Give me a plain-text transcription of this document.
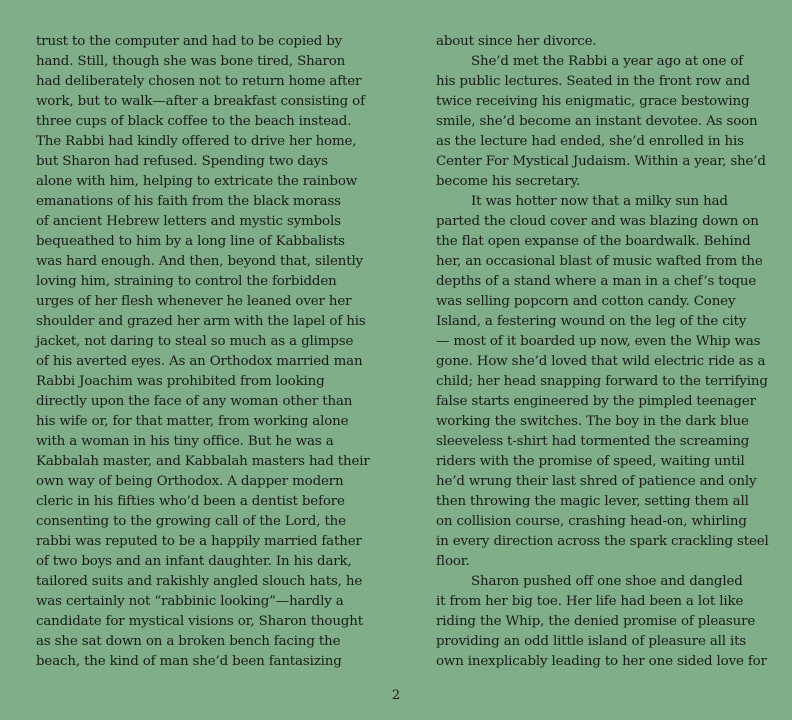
trust to the computer and had to be copied by
hand. Still, though she was bone tired, Sharon
had deliberately chosen not to return home after
work, but to walk—after a breakfast consisting of
three cups of black coffee to the beach instead.
The Rabbi had kindly offered to drive her home,
but Sharon had refused. Spending two days
alone with him, helping to extricate the rainbow
emanations of his faith from the black morass
of ancient Hebrew letters and mystic symbols
bequeathed to him by a long line of Kabbalists
was hard enough. And then, beyond that, silently
loving him, straining to control the forbidden
urges of her flesh whenever he leaned over her
shoulder and grazed her arm with the lapel of his
jacket, not daring to steal so much as a glimpse
of his averted eyes. As an Orthodox married man
Rabbi Joachim was prohibited from looking
directly upon the face of any woman other than
his wife or, for that matter, from working alone
with a woman in his tiny office. But he was a
Kabbalah master, and Kabbalah masters had their
own way of being Orthodox. A dapper modern
cleric in his fifties who’d been a dentist before
consenting to the growing call of the Lord, the
rabbi was reputed to be a happily married father
of two boys and an infant daughter. In his dark,
tailored suits and rakishly angled slouch hats, he
was certainly not “rabbinic looking”—hardly a
candidate for mystical visions or, Sharon thought
as she sat down on a broken bench facing the
beach, the kind of man she’d been fantasizing
about since her divorce.
She’d met the Rabbi a year ago at one of
his public lectures. Seated in the front row and
twice receiving his enigmatic, grace bestowing
smile, she’d become an instant devotee. As soon
as the lecture had ended, she’d enrolled in his
Center For Mystical Judaism. Within a year, she’d
become his secretary.
It was hotter now that a milky sun had
parted the cloud cover and was blazing down on
the flat open expanse of the boardwalk. Behind
her, an occasional blast of music wafted from the
depths of a stand where a man in a chef’s toque
was selling popcorn and cotton candy. Coney
Island, a festering wound on the leg of the city
— most of it boarded up now, even the Whip was
gone. How she’d loved that wild electric ride as a
child; her head snapping forward to the terrifying
false starts engineered by the pimpled teenager
working the switches. The boy in the dark blue
sleeveless t-shirt had tormented the screaming
riders with the promise of speed, waiting until
he’d wrung their last shred of patience and only
then throwing the magic lever, setting them all
on collision course, crashing head-on, whirling
in every direction across the spark crackling steel
floor.
Sharon pushed off one shoe and dangled
it from her big toe. Her life had been a lot like
riding the Whip, the denied promise of pleasure
providing an odd little island of pleasure all its
own inexplicably leading to her one sided love for
2
